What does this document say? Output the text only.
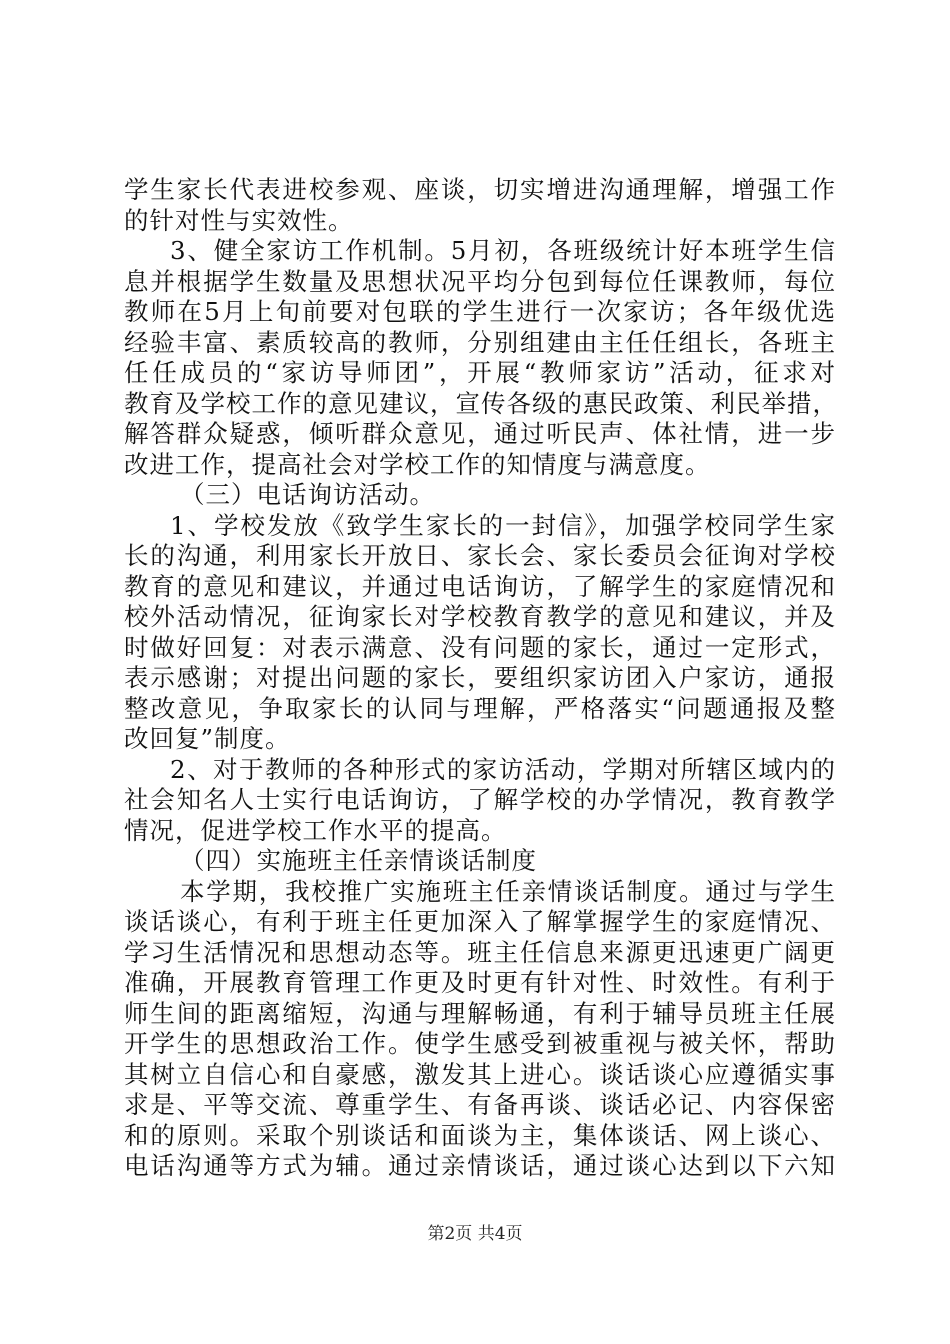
学生家长代表进校参观、座谈，切实增进沟通理解，增强工作
的针对性与实效性。
3、健全家访工作机制。5月初，各班级统计好本班学生信
息并根据学生数量及思想状况平均分包到每位任课教师，每位
教师在5月上旬前要对包联的学生进行一次家访；各年级优选
经验丰富、素质较高的教师，分别组建由主任任组长，各班主
任任成员的“家访导师团”，开展“教师家访”活动，征求对
教育及学校工作的意见建议，宣传各级的惠民政策、利民举措，
解答群众疑惑，倾听群众意见，通过听民声、体社情，进一步
改进工作，提高社会对学校工作的知情度与满意度。
（三）电话询访活动。
1、学校发放《致学生家长的一封信》，加强学校同学生家
长的沟通，利用家长开放日、家长会、家长委员会征询对学校
教育的意见和建议，并通过电话询访，了解学生的家庭情况和
校外活动情况，征询家长对学校教育教学的意见和建议，并及
时做好回复：对表示满意、没有问题的家长，通过一定形式，
表示感谢；对提出问题的家长，要组织家访团入户家访，通报
整改意见，争取家长的认同与理解，严格落实“问题通报及整
改回复”制度。
2、对于教师的各种形式的家访活动，学期对所辖区域内的
社会知名人士实行电话询访，了解学校的办学情况，教育教学
情况，促进学校工作水平的提高。
（四）实施班主任亲情谈话制度
本学期，我校推广实施班主任亲情谈话制度。通过与学生
谈话谈心，有利于班主任更加深入了解掌握学生的家庭情况、
学习生活情况和思想动态等。班主任信息来源更迅速更广阔更
准确，开展教育管理工作更及时更有针对性、时效性。有利于
师生间的距离缩短，沟通与理解畅通，有利于辅导员班主任展
开学生的思想政治工作。使学生感受到被重视与被关怀，帮助
其树立自信心和自豪感，激发其上进心。谈话谈心应遵循实事
求是、平等交流、尊重学生、有备再谈、谈话必记、内容保密
和的原则。采取个别谈话和面谈为主，集体谈话、网上谈心、
电话沟通等方式为辅。通过亲情谈话，通过谈心达到以下六知
第2页 共4页
